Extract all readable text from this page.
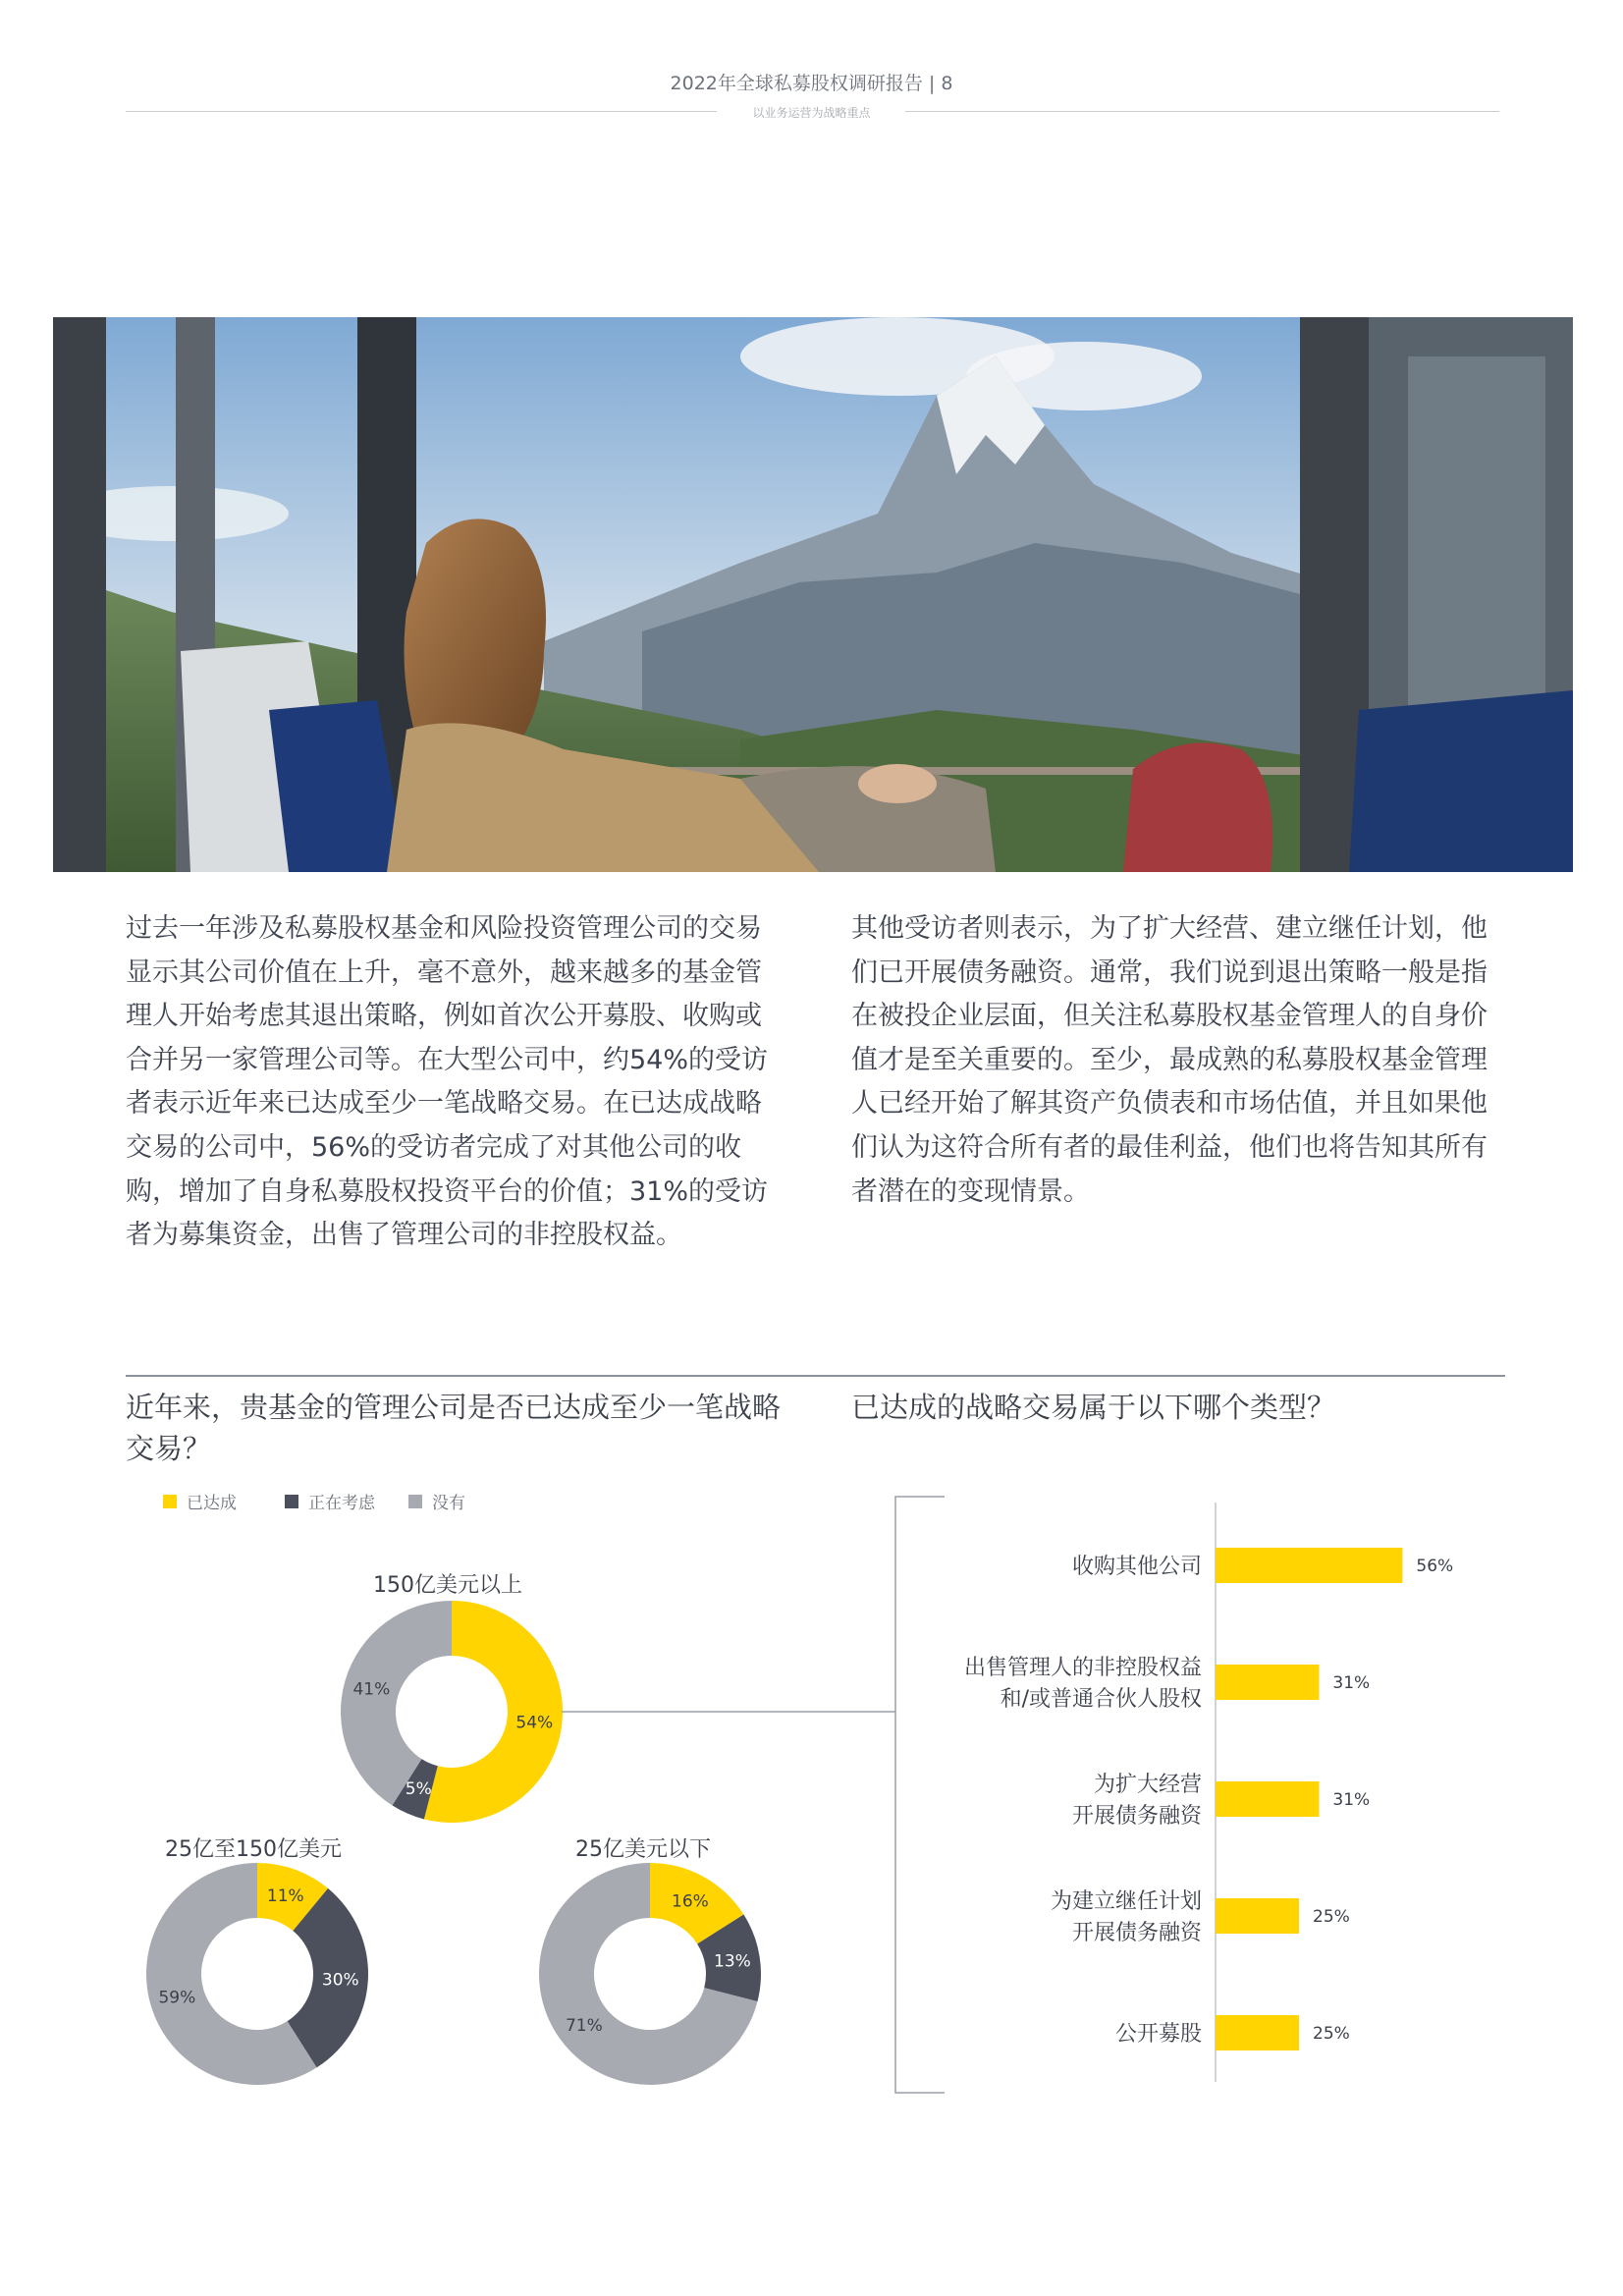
2022年全球私募股权调研报告 | 8
以业务运营为战略重点
过去一年涉及私募股权基金和风险投资管理公司的交易显示其公司价值在上升，毫不意外，越来越多的基金管理人开始考虑其退出策略，例如首次公开募股、收购或合并另一家管理公司等。在大型公司中，约54%的受访者表示近年来已达成至少一笔战略交易。在已达成战略交易的公司中，56%的受访者完成了对其他公司的收购，增加了自身私募股权投资平台的价值；31%的受访者为募集资金，出售了管理公司的非控股权益。
其他受访者则表示，为了扩大经营、建立继任计划，他们已开展债务融资。通常，我们说到退出策略一般是指在被投企业层面，但关注私募股权基金管理人的自身价值才是至关重要的。至少，最成熟的私募股权基金管理人已经开始了解其资产负债表和市场估值，并且如果他们认为这符合所有者的最佳利益，他们也将告知其所有者潜在的变现情景。
近年来，贵基金的管理公司是否已达成至少一笔战略交易？
已达成的战略交易属于以下哪个类型？
已达成	正在考虑	没有
150亿美元以上
25亿至150亿美元	25亿美元以下
54%
5%
41%
11%
30%
59%
16%
13%
71%
56%
收购其他公司
31%
出售管理人的非控股权益
和/或普通合伙人股权
31%
为扩大经营
开展债务融资
25%
为建立继任计划
开展债务融资
25%
公开募股
